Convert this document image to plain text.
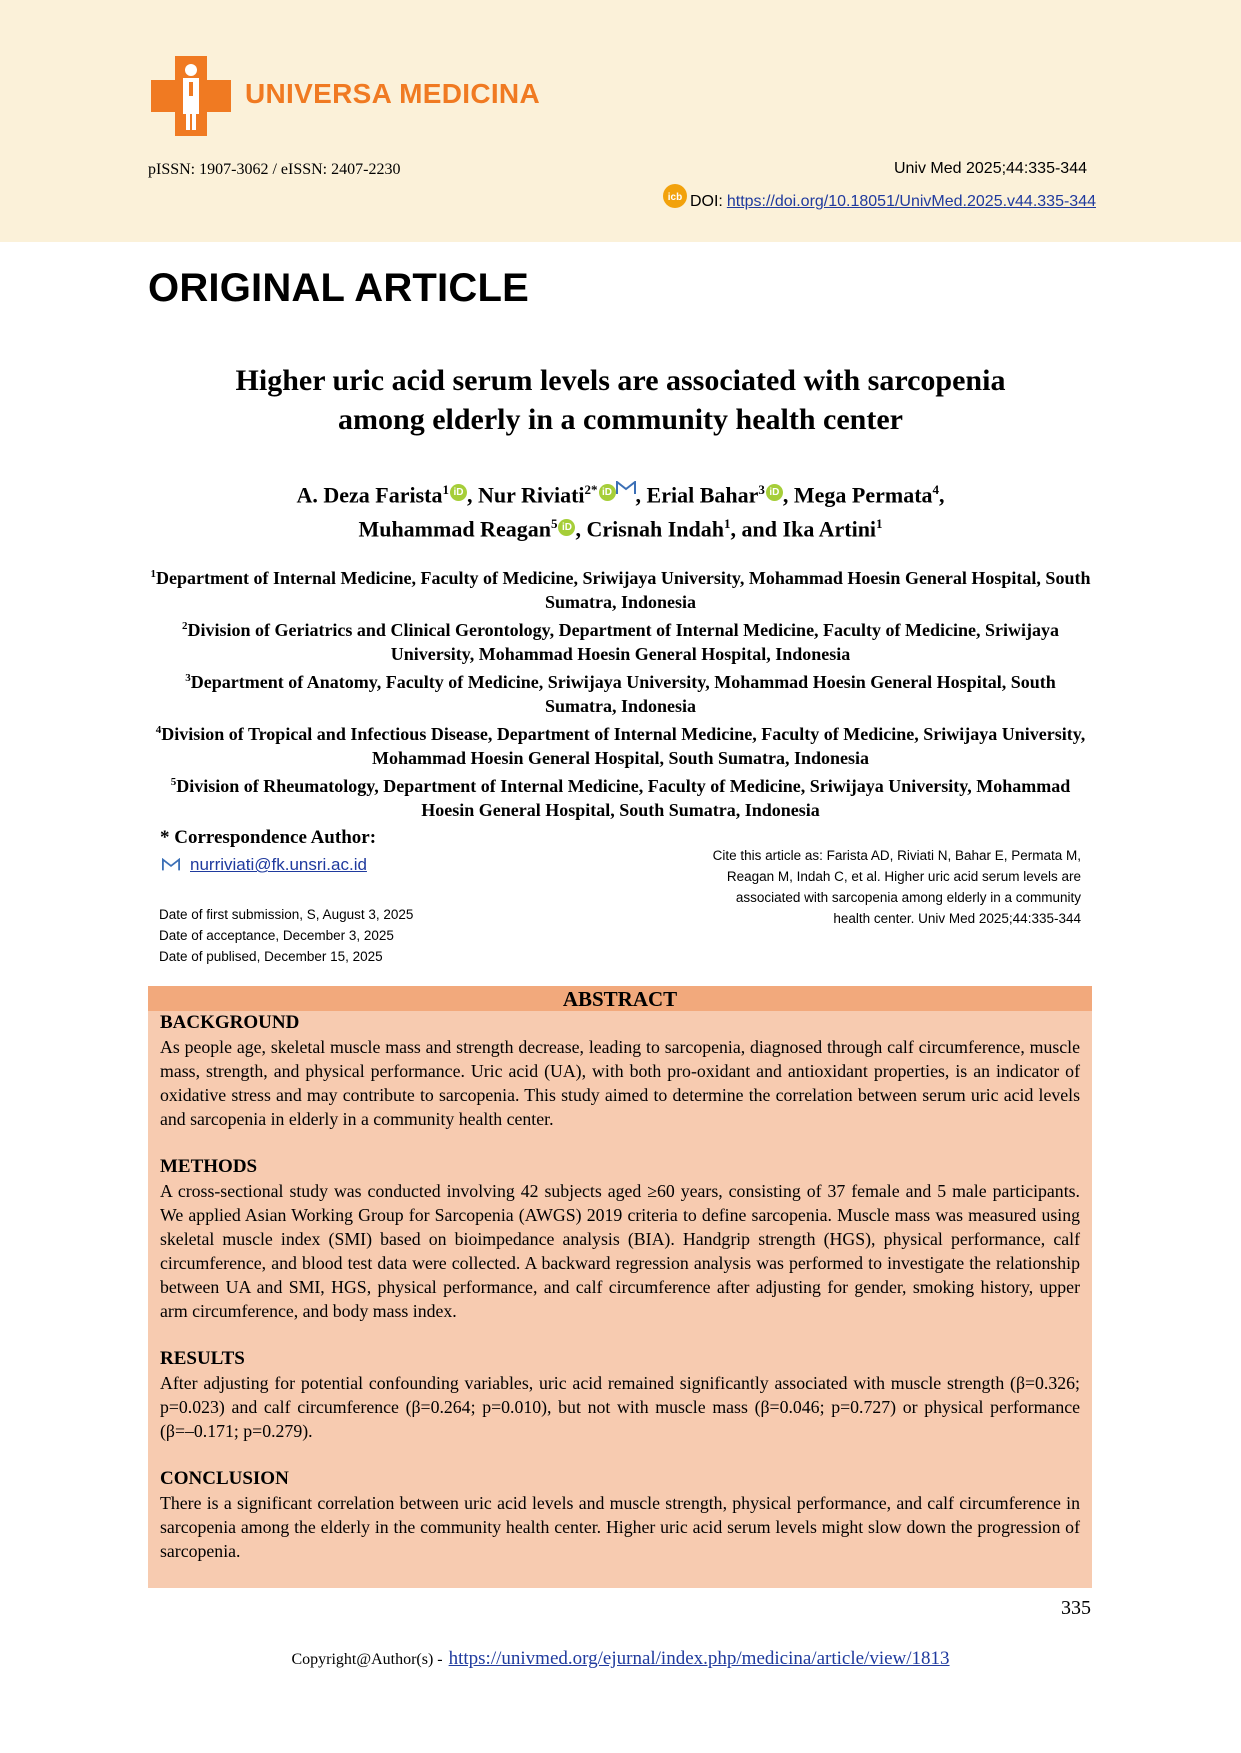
UNIVERSA MEDICINA
pISSN: 1907-3062 / eISSN: 2407-2230	Univ Med 2025;44:335-344
icb DOI: https://doi.org/10.18051/UnivMed.2025.v44.335-344
ORIGINAL ARTICLE
Higher uric acid serum levels are associated with sarcopenia
among elderly in a community health center
A. Deza Farista$^1$ iD , Nur Riviati$^{2*}$ iD , Erial Bahar$^3$ iD , Mega Permata$^4$,
Muhammad Reagan$^5$ iD , Crisnah Indah$^1$, and Ika Artini$^1$
$^1$Department of Internal Medicine, Faculty of Medicine, Sriwijaya University, Mohammad Hoesin General Hospital, South Sumatra, Indonesia
$^2$Division of Geriatrics and Clinical Gerontology, Department of Internal Medicine, Faculty of Medicine, Sriwijaya University, Mohammad Hoesin General Hospital, Indonesia
$^3$Department of Anatomy, Faculty of Medicine, Sriwijaya University, Mohammad Hoesin General Hospital, South Sumatra, Indonesia
$^4$Division of Tropical and Infectious Disease, Department of Internal Medicine, Faculty of Medicine, Sriwijaya University, Mohammad Hoesin General Hospital, South Sumatra, Indonesia
$^5$Division of Rheumatology, Department of Internal Medicine, Faculty of Medicine, Sriwijaya University, Mohammad Hoesin General Hospital, South Sumatra, Indonesia
* Correspondence Author:
nurriviati@fk.unsri.ac.id
Date of first submission, S, August 3, 2025
Date of acceptance, December 3, 2025
Date of publised, December 15, 2025
Cite this article as: Farista AD, Riviati N, Bahar E, Permata M,
Reagan M, Indah C, et al. Higher uric acid serum levels are
associated with sarcopenia among elderly in a community
health center. Univ Med 2025;44:335-344
ABSTRACT

BACKGROUND

As people age, skeletal muscle mass and strength decrease, leading to sarcopenia, diagnosed through calf circumference, muscle mass, strength, and physical performance. Uric acid (UA), with both pro-oxidant and antioxidant properties, is an indicator of oxidative stress and may contribute to sarcopenia. This study aimed to determine the correlation between serum uric acid levels and sarcopenia in elderly in a community health center.

METHODS

A cross-sectional study was conducted involving 42 subjects aged ≥60 years, consisting of 37 female and 5 male participants. We applied Asian Working Group for Sarcopenia (AWGS) 2019 criteria to define sarcopenia. Muscle mass was measured using skeletal muscle index (SMI) based on bioimpedance analysis (BIA). Handgrip strength (HGS), physical performance, calf circumference, and blood test data were collected. A backward regression analysis was performed to investigate the relationship between UA and SMI, HGS, physical performance, and calf circumference after adjusting for gender, smoking history, upper arm circumference, and body mass index.

RESULTS

After adjusting for potential confounding variables, uric acid remained significantly associated with muscle strength (β=0.326; p=0.023) and calf circumference (β=0.264; p=0.010), but not with muscle mass (β=0.046; p=0.727) or physical performance (β=–0.171; p=0.279).

CONCLUSION

There is a significant correlation between uric acid levels and muscle strength, physical performance, and calf circumference in sarcopenia among the elderly in the community health center. Higher uric acid serum levels might slow down the progression of sarcopenia.

335
Copyright@Author(s) - https://univmed.org/ejurnal/index.php/medicina/article/view/1813
